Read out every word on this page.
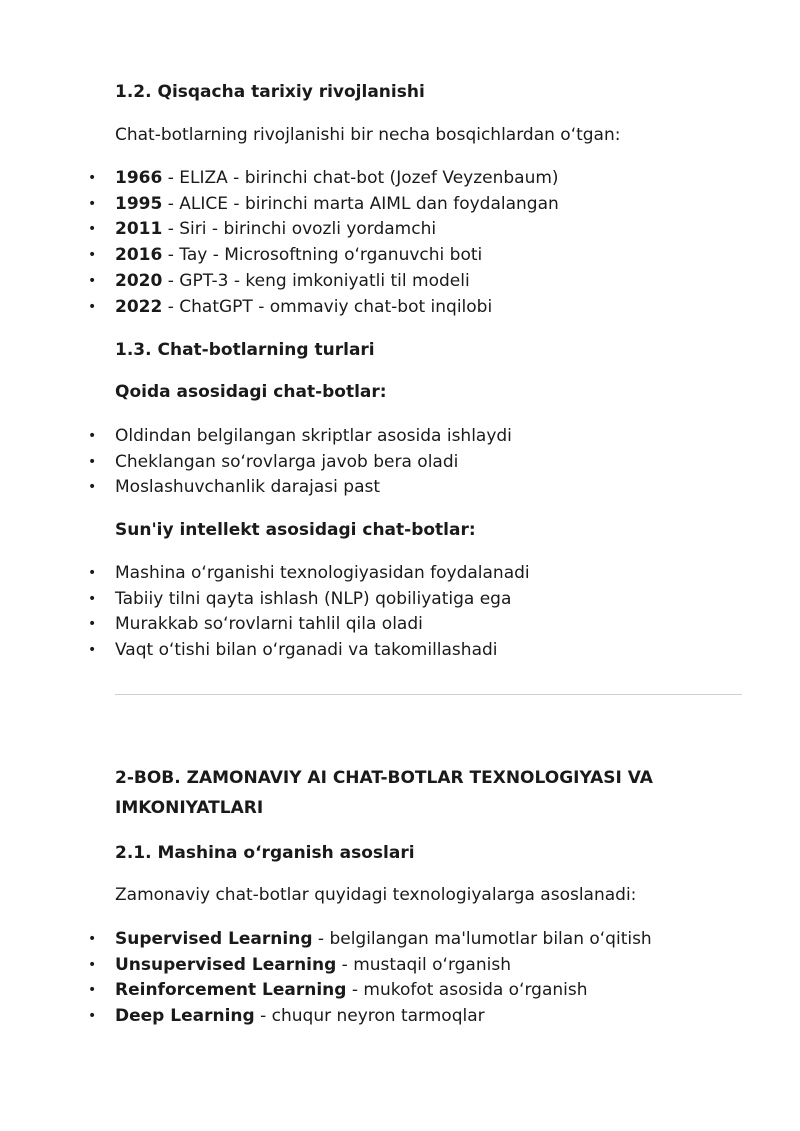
1.2. Qisqacha tarixiy rivojlanishi

Chat-botlarning rivojlanishi bir necha bosqichlardan o‘tgan:

• 1966 - ELIZA - birinchi chat-bot (Jozef Veyzenbaum)
• 1995 - ALICE - birinchi marta AIML dan foydalangan
• 2011 - Siri - birinchi ovozli yordamchi
• 2016 - Tay - Microsoftning o‘rganuvchi boti
• 2020 - GPT-3 - keng imkoniyatli til modeli
• 2022 - ChatGPT - ommaviy chat-bot inqilobi
1.3. Chat-botlarning turlari
Qoida asosidagi chat-botlar:
• Oldindan belgilangan skriptlar asosida ishlaydi
• Cheklangan so‘rovlarga javob bera oladi
• Moslashuvchanlik darajasi past
Sun'iy intellekt asosidagi chat-botlar:
• Mashina o‘rganishi texnologiyasidan foydalanadi
• Tabiiy tilni qayta ishlash (NLP) qobiliyatiga ega
• Murakkab so‘rovlarni tahlil qila oladi
• Vaqt o‘tishi bilan o‘rganadi va takomillashadi
2-BOB. ZAMONAVIY AI CHAT-BOTLAR TEXNOLOGIYASI VA IMKONIYATLARI
2.1. Mashina o‘rganish asoslari

Zamonaviy chat-botlar quyidagi texnologiyalarga asoslanadi:

• Supervised Learning - belgilangan ma'lumotlar bilan o‘qitish
• Unsupervised Learning - mustaqil o‘rganish
• Reinforcement Learning - mukofot asosida o‘rganish
• Deep Learning - chuqur neyron tarmoqlar
